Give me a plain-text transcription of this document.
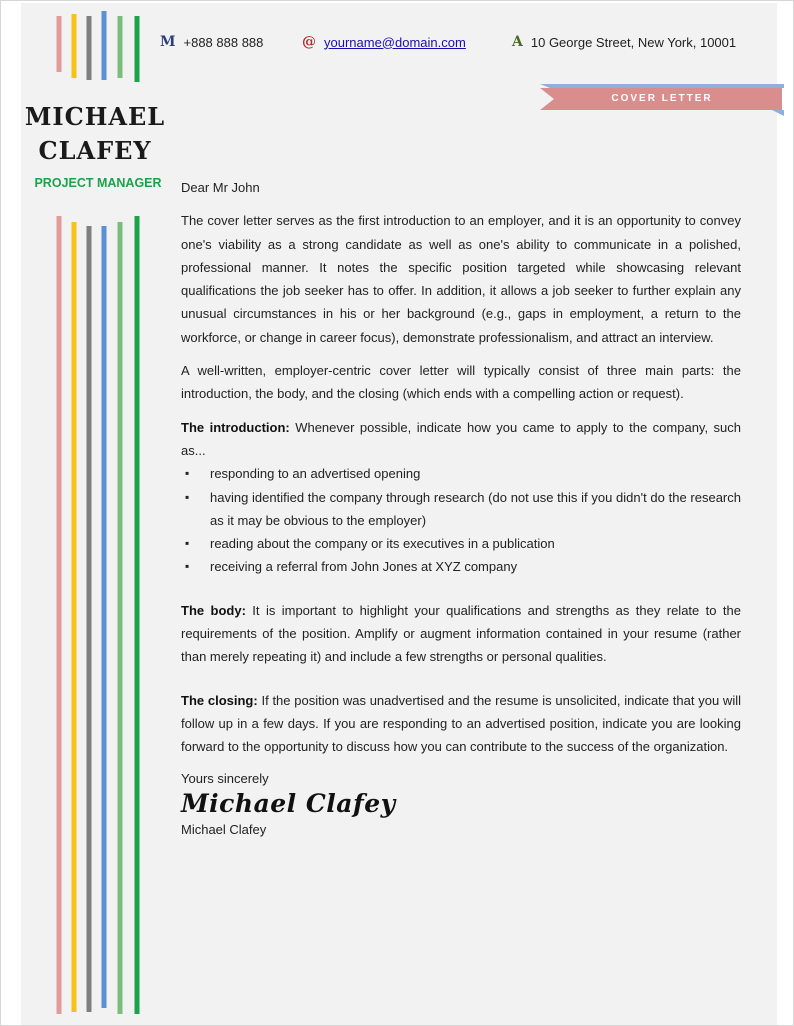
MICHAEL
CLAFEY
PROJECT MANAGER
M +888 888 888	@ yourname@domain.com	A 10 George Street, New York, 10001
COVER LETTER

Dear Mr John

The cover letter serves as the first introduction to an employer, and it is an opportunity to convey one's viability as a strong candidate as well as one's ability to communicate in a polished, professional manner. It notes the specific position targeted while showcasing relevant qualifications the job seeker has to offer. In addition, it allows a job seeker to further explain any unusual circumstances in his or her background (e.g., gaps in employment, a return to the workforce, or change in career focus), demonstrate professionalism, and attract an interview.

A well-written, employer-centric cover letter will typically consist of three main parts: the introduction, the body, and the closing (which ends with a compelling action or request).

The introduction: Whenever possible, indicate how you came to apply to the company, such as...

▪ responding to an advertised opening
▪ having identified the company through research (do not use this if you didn't do the research as it may be obvious to the employer)
▪ reading about the company or its executives in a publication
▪ receiving a referral from John Jones at XYZ company

The body: It is important to highlight your qualifications and strengths as they relate to the requirements of the position. Amplify or augment information contained in your resume (rather than merely repeating it) and include a few strengths or personal qualities.

The closing: If the position was unadvertised and the resume is unsolicited, indicate that you will follow up in a few days. If you are responding to an advertised position, indicate you are looking forward to the opportunity to discuss how you can contribute to the success of the organization.

Yours sincerely

Michael Clafey

Michael Clafey
